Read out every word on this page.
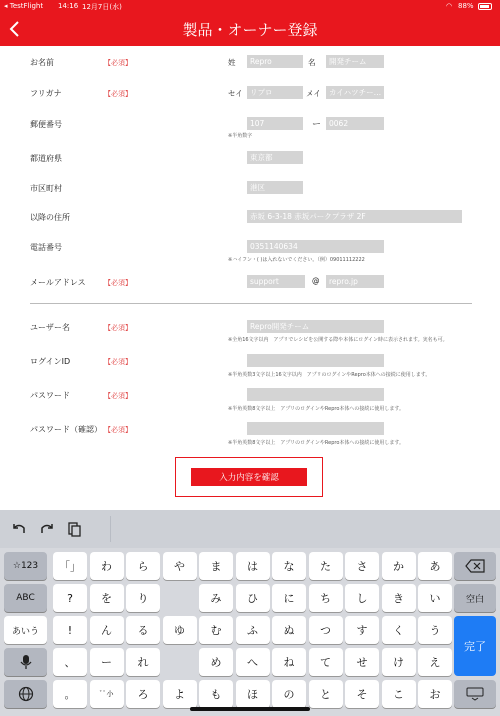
◂ TestFlight 14:16 12月7日(水)	◠ 88%
製品・オーナー登録
お名前	【必須】	姓	Repro	名	開発チーム
フリガナ	【必須】	セイ リプロ	メイ	カイハツチー…
郵便番号	107	ー	0062
※半角数字
都道府県	東京都
市区町村	港区
以降の住所	赤坂 6-3-18 赤坂パークプラザ 2F
電話番号	0351140634
※ハイフン・( )は入れないでください。（例）09011112222
メールアドレス	【必須】	support	@	repro.jp
ユーザー名	【必須】	Repro開発チーム
※全角16文字以内　アプリでレシピを公開する際や本体にログイン時に表示されます。実名も可。
ログインID	【必須】
※半角英数3文字以上16文字以内　アプリのログインやRepro本体への接続に使用します。
パスワード	【必須】
※半角英数8文字以上　アプリのログインやRepro本体への接続に使用します。
パスワード（確認） 【必須】
※半角英数8文字以上　アプリのログインやRepro本体への接続に使用します。
入力内容を確認
☆123
ABC
あいう
「」	わ	ら	や	ま	は	な	た	さ	か	あ
?	を	り	み	ひ	に	ち	し	き	い
!	ん	る	ゆ	む	ふ	ぬ	つ	す	く	う
、	ー	れ	め	へ	ね	て	せ	け	え
。	ﾞﾟ小	ろ	よ	も	ほ	の	と	そ	こ	お
空白
完了
